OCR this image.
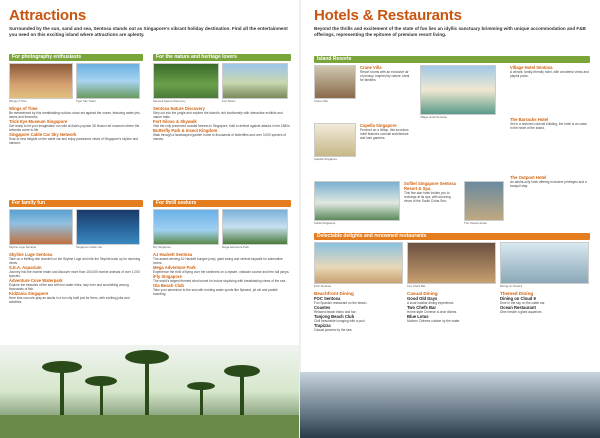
Attractions

Surrounded by the sun, sand and sea, Sentosa stands out as Singapore's vibrant holiday destination. Find all the entertainment you need on this exciting island where attractions are aplenty.

For photography enthusiasts
Wings of Time	Tiger Sky Tower
Wings of Time
Be mesmerised by this breathtaking outdoor show set against the ocean, featuring water jets, lasers and fireworks.
Trick Eye Museum Singapore
Get ready to let your imagination run wild at Asia's popular 3D illusion art museum where the artworks come to life.
Singapore Cable Car Sky Network
Soar to new heights on the cable car and enjoy panoramic views of Singapore's skyline and harbour.
For the nature and heritage lovers
Sentosa Nature Discovery	Fort Siloso
Sentosa Nature Discovery
Step out into the jungle and explore the island's rich biodiversity with interactive exhibits and nature trails.
Fort Siloso & Skywalk
Visit the only preserved coastal fortress in Singapore, built to defend against attacks in the 1880s.
Butterfly Park & Insect Kingdom
Walk through a landscaped garden home to thousands of butterflies and over 3,000 species of insects.
For family fun
Skyline Luge Sentosa	Singapore Cable Car
Skyline Luge Sentosa
Take on a thrilling ride downhill on the Skyline Luge and ride the Skyride back up for stunning views.
S.E.A. Aquarium
Journey into the marine realm and discover more than 100,000 marine animals of over 1,000 species.
Adventure Cove Waterpark
Explore the beauties of the sea with fun water rides, lazy river and snorkelling among thousands of fish.
KidZania Singapore
Here kids can role-play as adults in a fun city built just for them, with exciting jobs and activities.
For thrill seekers
iFly Singapore	Mega Adventure Park
AJ Hackett Sentosa
The award-winning AJ Hackett bungee jump, giant swing and vertical skywalk for adrenaline lovers.
Mega Adventure Park
Experience the thrill of flying over the rainforest on a zipwire, obstacle course and free-fall jumps.
iFly Singapore
The world's largest themed wind tunnel for indoor skydiving with breathtaking views of the sea.
Ola Beach Club
Take your adventure to the sea with exciting water sports like flyboard, jet ski and paddle boarding.
Hotels & Restaurants

Beyond the thrills and excitement of the state of fun lies an idyllic sanctuary brimming with unique accommodation and F&B offerings, representing the epitome of premium resort living.

Island Resorts
Crane Villa
Capella Singapore
Sofitel Singapore
Crane Villa
Resort rooms with an exclusive air of privacy. Inspired by nature, ideal for families.
Capella Singapore
Perched on a hilltop, this luxurious hotel features colonial architecture and lush gardens.
Sofitel Singapore Sentosa Resort & Spa
This five-star hotel invites you to recharge at its spa, with stunning views of the South China Sea.
Village Hotel Sentosa
The Outpost Hotel
Village Hotel Sentosa
A vibrant, family-friendly hotel, with wonderful views and playful pools.
The Barracks Hotel
Set in a restored colonial building, the hotel is an oasis in the heart of the island.
The Outpost Hotel
An adults-only hotel offering exclusive privileges and a tranquil stay.
Delectable delights and renowned restaurants
FOC Sentosa	Two Chefs Bar	Dining on Cloud 9
Beachfront Dining
FOC Sentosa
Fun Spanish restaurant on the beach.
Coastes
Relaxed beach bistro and bar.
Tanjong Beach Club
Chill beachside lounging with a pool.
Trapizza
Casual pizzeria by the sea.
Casual Dining
Good Old Days
A local hawker dining experience.
Two Chefs Bar
Home-style Chinese zi-char dishes.
Blue Lotus
Modern Chinese cuisine by the water.
Themed Dining
Dining on Cloud 9
Dine in the sky on the cable car.
Ocean Restaurant
Dine beside a giant aquarium.
